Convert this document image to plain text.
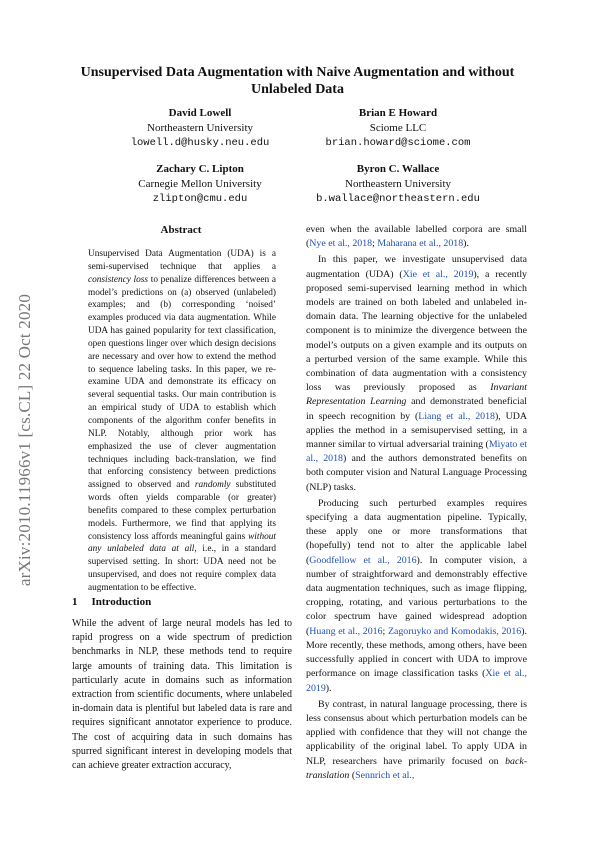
arXiv:2010.11966v1 [cs.CL] 22 Oct 2020
Unsupervised Data Augmentation with Naive Augmentation and without Unlabeled Data
David Lowell
Northeastern University
lowell.d@husky.neu.edu
Brian E Howard
Sciome LLC
brian.howard@sciome.com
Zachary C. Lipton
Carnegie Mellon University
zlipton@cmu.edu
Byron C. Wallace
Northeastern University
b.wallace@northeastern.edu
Abstract
Unsupervised Data Augmentation (UDA) is a semi-supervised technique that applies a consistency loss to penalize differences between a model’s predictions on (a) observed (unlabeled) examples; and (b) corresponding ‘noised’ examples produced via data augmentation. While UDA has gained popularity for text classification, open questions linger over which design decisions are necessary and over how to extend the method to sequence labeling tasks. In this paper, we re-examine UDA and demonstrate its efficacy on several sequential tasks. Our main contribution is an empirical study of UDA to establish which components of the algorithm confer benefits in NLP. Notably, although prior work has emphasized the use of clever augmentation techniques including back-translation, we find that enforcing consistency between predictions assigned to observed and randomly substituted words often yields comparable (or greater) benefits compared to these complex perturbation models. Furthermore, we find that applying its consistency loss affords meaningful gains without any unlabeled data at all, i.e., in a standard supervised setting. In short: UDA need not be unsupervised, and does not require complex data augmentation to be effective.
1 Introduction

While the advent of large neural models has led to rapid progress on a wide spectrum of prediction benchmarks in NLP, these methods tend to require large amounts of training data. This limitation is particularly acute in domains such as information extraction from scientific documents, where unlabeled in-domain data is plentiful but labeled data is rare and requires significant annotator experience to produce. The cost of acquiring data in such domains has spurred significant interest in developing models that can achieve greater extraction accuracy,

even when the available labelled corpora are small (Nye et al., 2018; Maharana et al., 2018).

In this paper, we investigate unsupervised data augmentation (UDA) (Xie et al., 2019), a recently proposed semi-supervised learning method in which models are trained on both labeled and unlabeled in-domain data. The learning objective for the unlabeled component is to minimize the divergence between the model’s outputs on a given example and its outputs on a perturbed version of the same example. While this combination of data augmentation with a consistency loss was previously proposed as Invariant Representation Learning and demonstrated beneficial in speech recognition by (Liang et al., 2018), UDA applies the method in a semisupervised setting, in a manner similar to virtual adversarial training (Miyato et al., 2018) and the authors demonstrated benefits on both computer vision and Natural Language Processing (NLP) tasks.

Producing such perturbed examples requires specifying a data augmentation pipeline. Typically, these apply one or more transformations that (hopefully) tend not to alter the applicable label (Goodfellow et al., 2016). In computer vision, a number of straightforward and demonstrably effective data augmentation techniques, such as image flipping, cropping, rotating, and various perturbations to the color spectrum have gained widespread adoption (Huang et al., 2016; Zagoruyko and Komodakis, 2016). More recently, these methods, among others, have been successfully applied in concert with UDA to improve performance on image classification tasks (Xie et al., 2019).

By contrast, in natural language processing, there is less consensus about which perturbation models can be applied with confidence that they will not change the applicability of the original label. To apply UDA in NLP, researchers have primarily focused on back-translation (Sennrich et al.,
